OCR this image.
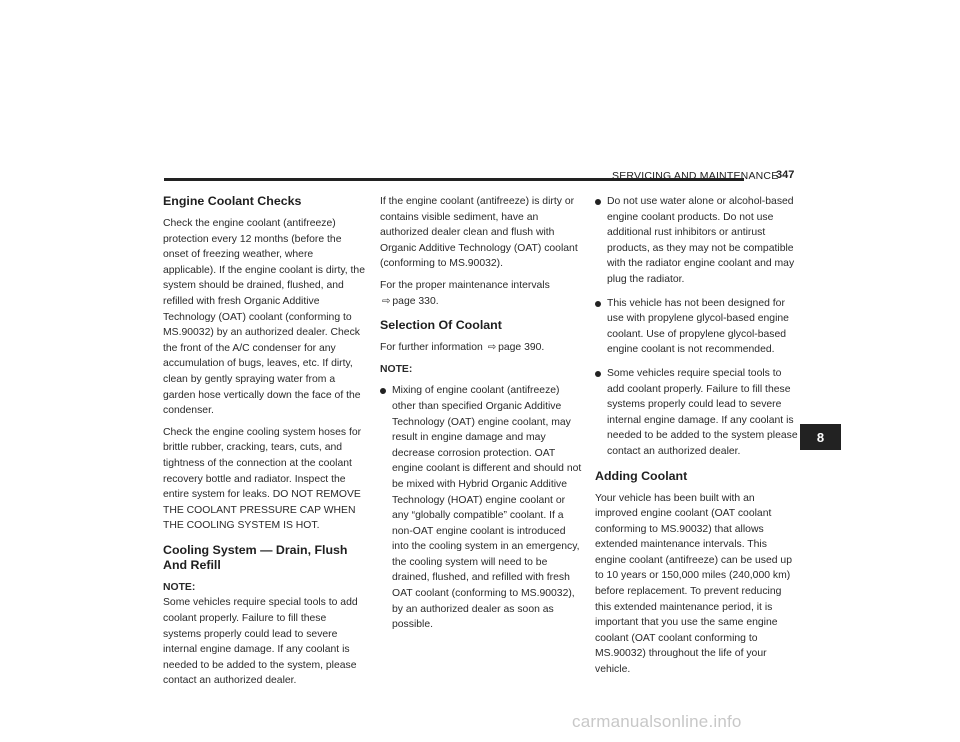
SERVICING AND MAINTENANCE
347
Engine Coolant Checks

Check the engine coolant (antifreeze) protection every 12 months (before the onset of freezing weather, where applicable). If the engine coolant is dirty, the system should be drained, flushed, and refilled with fresh Organic Additive Technology (OAT) coolant (conforming to MS.90032) by an authorized dealer. Check the front of the A/C condenser for any accumulation of bugs, leaves, etc. If dirty, clean by gently spraying water from a garden hose vertically down the face of the condenser.

Check the engine cooling system hoses for brittle rubber, cracking, tears, cuts, and tightness of the connection at the coolant recovery bottle and radiator. Inspect the entire system for leaks. DO NOT REMOVE THE COOLANT PRESSURE CAP WHEN THE COOLING SYSTEM IS HOT.

Cooling System — Drain, Flush And Refill

NOTE:

Some vehicles require special tools to add coolant properly. Failure to fill these systems properly could lead to severe internal engine damage. If any coolant is needed to be added to the system, please contact an authorized dealer.

If the engine coolant (antifreeze) is dirty or contains visible sediment, have an authorized dealer clean and flush with Organic Additive Technology (OAT) coolant (conforming to MS.90032).

For the proper maintenance intervals
⇨ page 330.

Selection Of Coolant

For further information ⇨ page 390.

NOTE:

Mixing of engine coolant (antifreeze) other than specified Organic Additive Technology (OAT) engine coolant, may result in engine damage and may decrease corrosion protection. OAT engine coolant is different and should not be mixed with Hybrid Organic Additive Technology (HOAT) engine coolant or any “globally compatible” coolant. If a non-OAT engine coolant is introduced into the cooling system in an emergency, the cooling system will need to be drained, flushed, and refilled with fresh OAT coolant (conforming to MS.90032), by an authorized dealer as soon as possible.
Do not use water alone or alcohol-based engine coolant products. Do not use additional rust inhibitors or antirust products, as they may not be compatible with the radiator engine coolant and may plug the radiator.
This vehicle has not been designed for use with propylene glycol-based engine coolant. Use of propylene glycol-based engine coolant is not recommended.
Some vehicles require special tools to add coolant properly. Failure to fill these systems properly could lead to severe internal engine damage. If any coolant is needed to be added to the system please contact an authorized dealer.
Adding Coolant

Your vehicle has been built with an improved engine coolant (OAT coolant conforming to MS.90032) that allows extended maintenance intervals. This engine coolant (antifreeze) can be used up to 10 years or 150,000 miles (240,000 km) before replacement. To prevent reducing this extended maintenance period, it is important that you use the same engine coolant (OAT coolant conforming to MS.90032) throughout the life of your vehicle.

8
carmanualsonline.info
